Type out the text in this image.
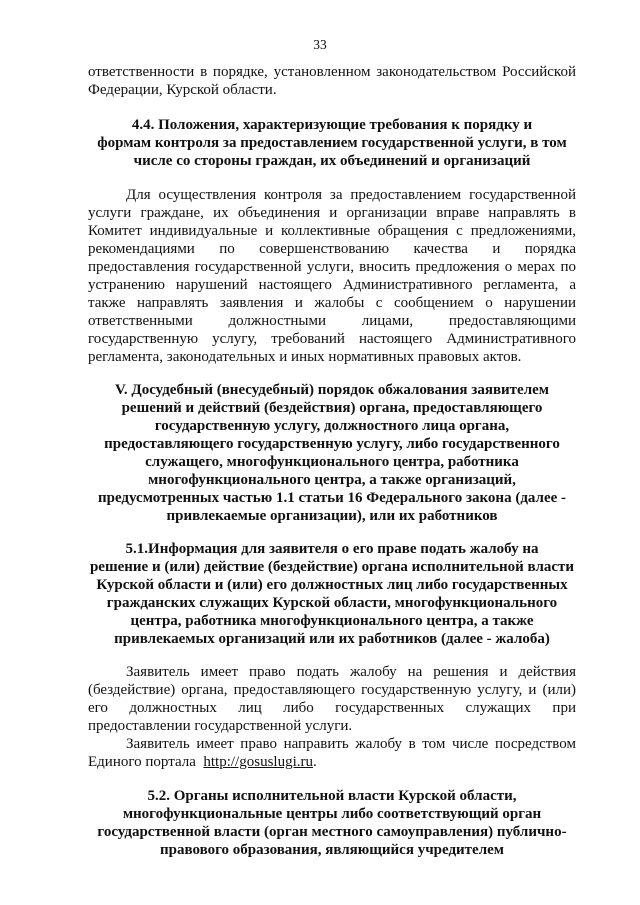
33
ответственности в порядке, установленном законодательством Российской
Федерации, Курской области.
4.4. Положения, характеризующие требования к порядку и
формам контроля за предоставлением государственной услуги, в том
числе со стороны граждан, их объединений и организаций
Для осуществления контроля за предоставлением государственной
услуги граждане, их объединения и организации вправе направлять в
Комитет индивидуальные и коллективные обращения с предложениями,
рекомендациями по совершенствованию качества и порядка
предоставления государственной услуги, вносить предложения о мерах по
устранению нарушений настоящего Административного регламента, а
также направлять заявления и жалобы с сообщением о нарушении
ответственными должностными лицами, предоставляющими
государственную услугу, требований настоящего Административного
регламента, законодательных и иных нормативных правовых актов.
V. Досудебный (внесудебный) порядок обжалования заявителем
решений и действий (бездействия) органа, предоставляющего
государственную услугу, должностного лица органа,
предоставляющего государственную услугу, либо государственного
служащего, многофункционального центра, работника
многофункционального центра, а также организаций,
предусмотренных частью 1.1 статьи 16 Федерального закона (далее -
привлекаемые организации), или их работников
5.1.Информация для заявителя о его праве подать жалобу на
решение и (или) действие (бездействие) органа исполнительной власти
Курской области и (или) его должностных лиц либо государственных
гражданских служащих Курской области, многофункционального
центра, работника многофункционального центра, а также
привлекаемых организаций или их работников (далее - жалоба)
Заявитель имеет право подать жалобу на решения и действия
(бездействие) органа, предоставляющего государственную услугу, и (или)
его должностных лиц либо государственных служащих при
предоставлении государственной услуги.
Заявитель имеет право направить жалобу в том числе посредством
Единого портала http://gosuslugi.ru.
5.2. Органы исполнительной власти Курской области,
многофункциональные центры либо соответствующий орган
государственной власти (орган местного самоуправления) публично-
правового образования, являющийся учредителем
